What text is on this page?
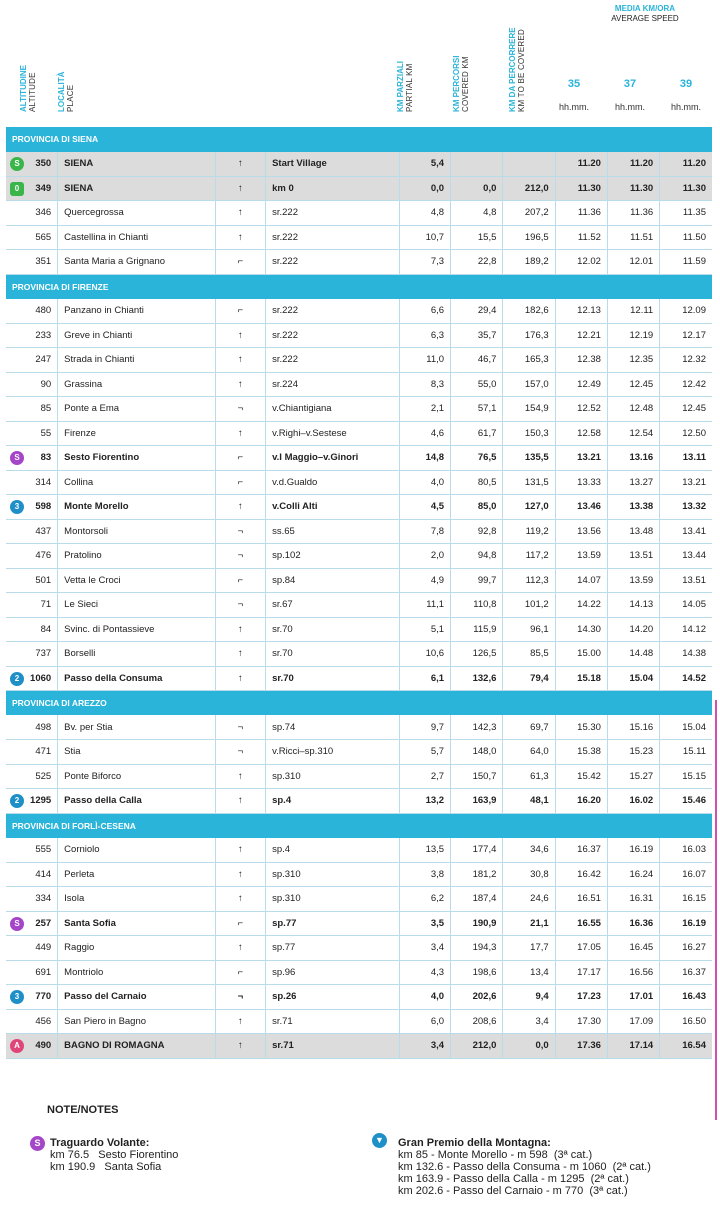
ALTITUDINE ALTITUDE	LOCALITÀ PLACE	KM PARZIALI PARTIAL KM	KM PERCORSI COVERED KM	KM DA PERCORRERE KM TO BE COVERED
MEDIA KM/ORA
AVERAGE SPEED
35	37	39
hh.mm.	hh.mm.	hh.mm.
PROVINCIA DI SIENA									

S 350	SIENA	↑	Start Village	5,4			11.20	11.20	11.20

0 349	SIENA	↑	km 0	0,0	0,0	212,0	11.30	11.30	11.30
346	Quercegrossa	↑	sr.222	4,8	4,8	207,2	11.36	11.36	11.35
565	Castellina in Chianti	↑	sr.222	10,7	15,5	196,5	11.52	11.51	11.50
351	Santa Maria a Grignano	⌐	sr.222	7,3	22,8	189,2	12.02	12.01	11.59
PROVINCIA DI FIRENZE									
480	Panzano in Chianti	⌐	sr.222	6,6	29,4	182,6	12.13	12.11	12.09
233	Greve in Chianti	↑	sr.222	6,3	35,7	176,3	12.21	12.19	12.17
247	Strada in Chianti	↑	sr.222	11,0	46,7	165,3	12.38	12.35	12.32
90	Grassina	↑	sr.224	8,3	55,0	157,0	12.49	12.45	12.42
85	Ponte a Ema	¬	v.Chiantigiana	2,1	57,1	154,9	12.52	12.48	12.45
55	Firenze	↑	v.Righi–v.Sestese	4,6	61,7	150,3	12.58	12.54	12.50

S 83	Sesto Fiorentino	⌐	v.I Maggio–v.Ginori	14,8	76,5	135,5	13.21	13.16	13.11
314	Collina	⌐	v.d.Gualdo	4,0	80,5	131,5	13.33	13.27	13.21

3 598	Monte Morello	↑	v.Colli Alti	4,5	85,0	127,0	13.46	13.38	13.32
437	Montorsoli	¬	ss.65	7,8	92,8	119,2	13.56	13.48	13.41
476	Pratolino	¬	sp.102	2,0	94,8	117,2	13.59	13.51	13.44
501	Vetta le Croci	⌐	sp.84	4,9	99,7	112,3	14.07	13.59	13.51
71	Le Sieci	¬	sr.67	11,1	110,8	101,2	14.22	14.13	14.05
84	Svinc. di Pontassieve	↑	sr.70	5,1	115,9	96,1	14.30	14.20	14.12
737	Borselli	↑	sr.70	10,6	126,5	85,5	15.00	14.48	14.38

2 1060	Passo della Consuma	↑	sr.70	6,1	132,6	79,4	15.18	15.04	14.52
PROVINCIA DI AREZZO									
498	Bv. per Stia	¬	sp.74	9,7	142,3	69,7	15.30	15.16	15.04
471	Stia	¬	v.Ricci–sp.310	5,7	148,0	64,0	15.38	15.23	15.11
525	Ponte Biforco	↑	sp.310	2,7	150,7	61,3	15.42	15.27	15.15

2 1295	Passo della Calla	↑	sp.4	13,2	163,9	48,1	16.20	16.02	15.46
PROVINCIA DI FORLÌ-CESENA									
555	Corniolo	↑	sp.4	13,5	177,4	34,6	16.37	16.19	16.03
414	Perleta	↑	sp.310	3,8	181,2	30,8	16.42	16.24	16.07
334	Isola	↑	sp.310	6,2	187,4	24,6	16.51	16.31	16.15

S 257	Santa Sofia	⌐	sp.77	3,5	190,9	21,1	16.55	16.36	16.19
449	Raggio	↑	sp.77	3,4	194,3	17,7	17.05	16.45	16.27
691	Montriolo	⌐	sp.96	4,3	198,6	13,4	17.17	16.56	16.37

3 770	Passo del Carnaio	¬	sp.26	4,0	202,6	9,4	17.23	17.01	16.43
456	San Piero in Bagno	↑	sr.71	6,0	208,6	3,4	17.30	17.09	16.50

A 490	BAGNO DI ROMAGNA	↑	sr.71	3,4	212,0	0,0	17.36	17.14	16.54
NOTE/NOTES
S Traguardo Volante:
km 76.5   Sesto Fiorentino
km 190.9   Santa Sofia
▼ Gran Premio della Montagna:
km 85 - Monte Morello - m 598  (3ª cat.)
km 132.6 - Passo della Consuma - m 1060  (2ª cat.)
km 163.9 - Passo della Calla - m 1295  (2ª cat.)
km 202.6 - Passo del Carnaio - m 770  (3ª cat.)
